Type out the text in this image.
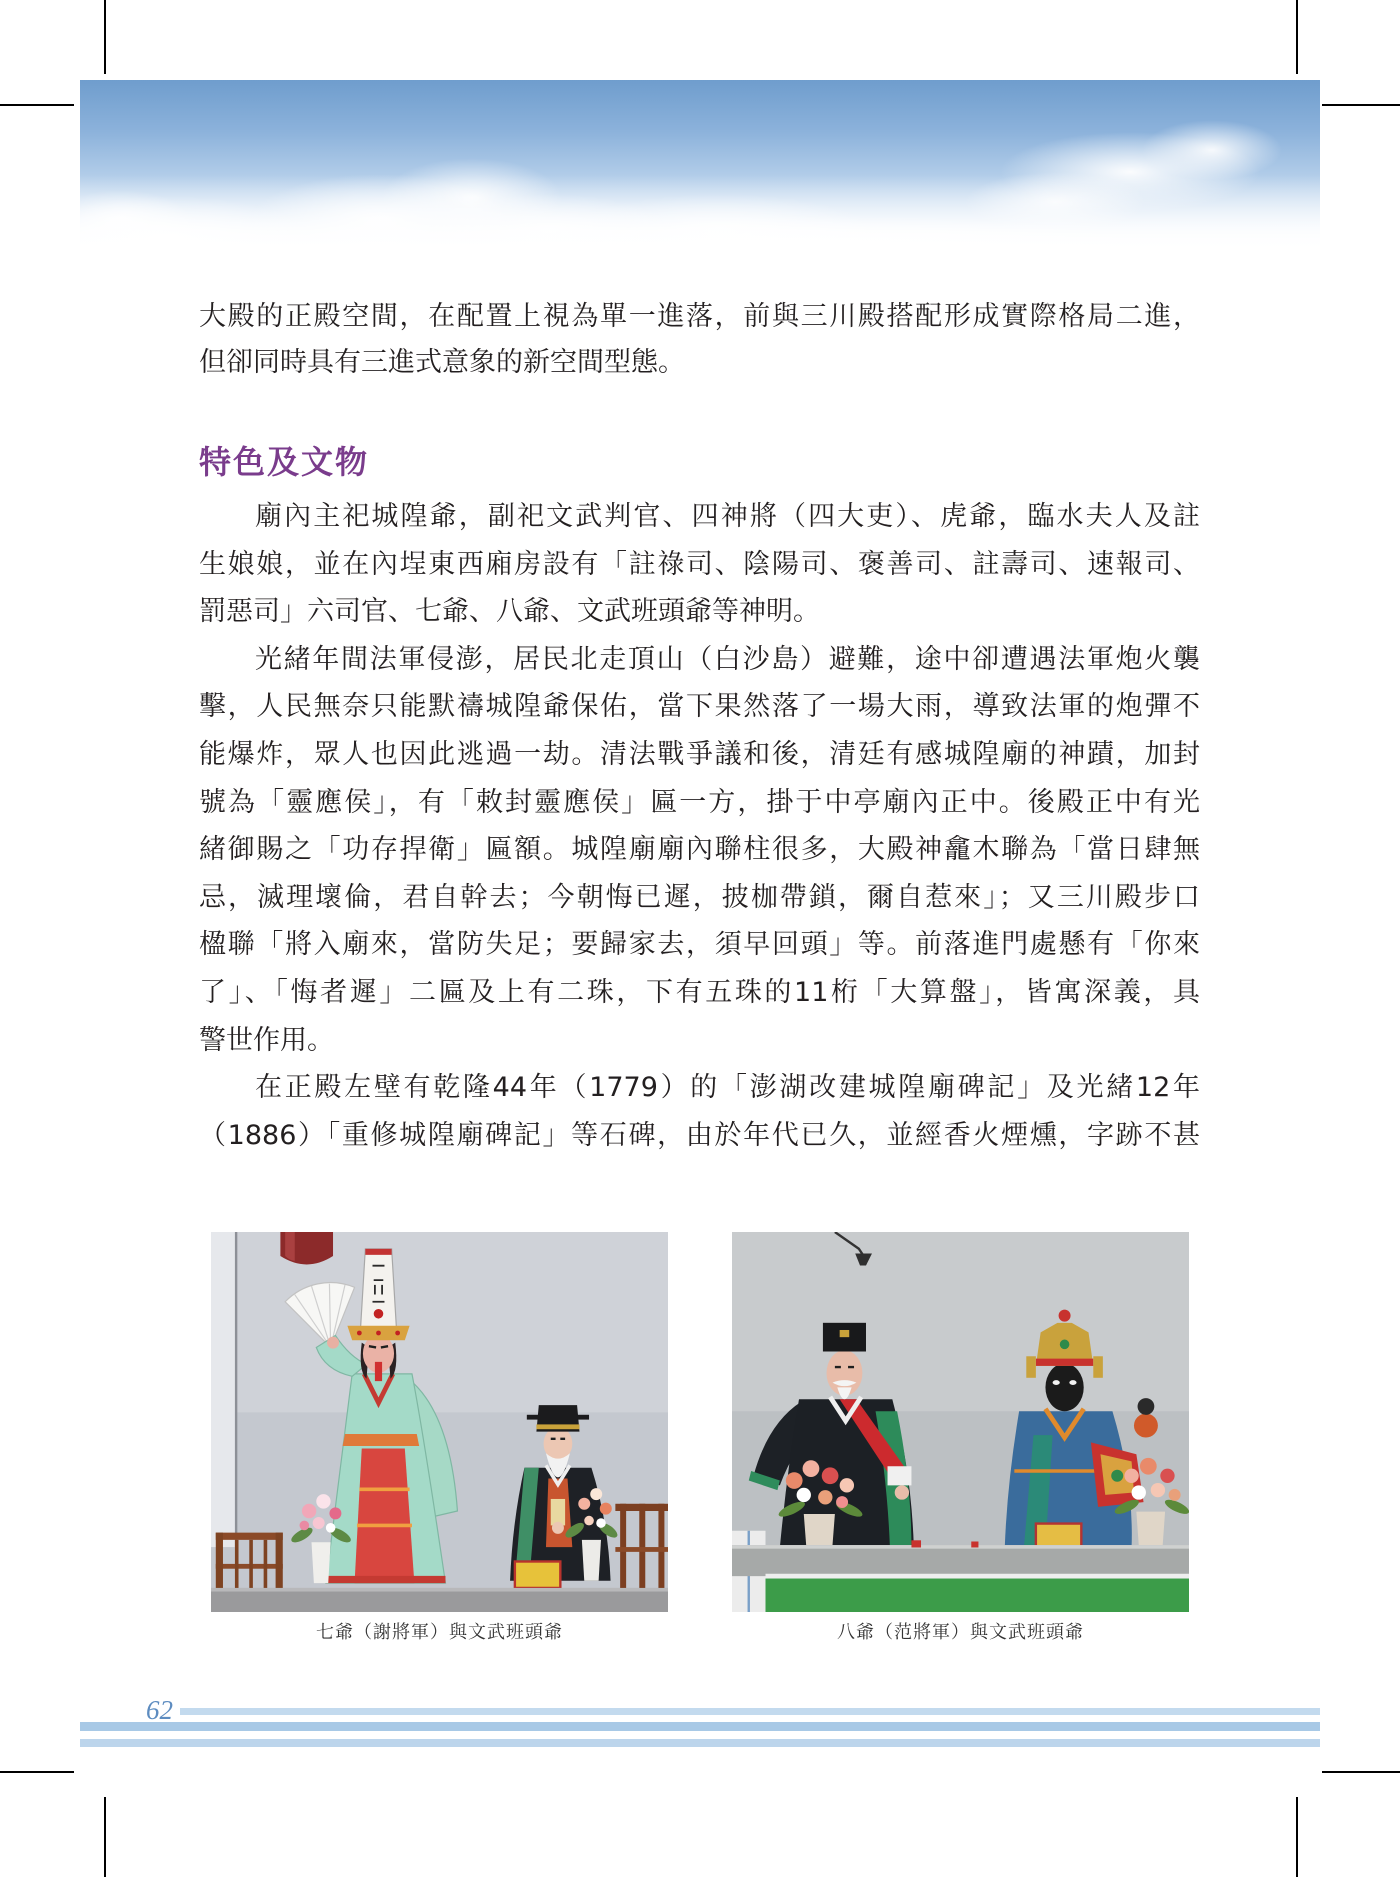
大殿的正殿空間，在配置上視為單一進落，前與三川殿搭配形成實際格局二進，
但卻同時具有三進式意象的新空間型態。
特色及文物
廟內主祀城隍爺，副祀文武判官、四神將（四大吏）、虎爺，臨水夫人及註
生娘娘，並在內埕東西廂房設有「註祿司、陰陽司、褒善司、註壽司、速報司、
罰惡司」六司官、七爺、八爺、文武班頭爺等神明。
光緒年間法軍侵澎，居民北走頂山（白沙島）避難，途中卻遭遇法軍炮火襲
擊，人民無奈只能默禱城隍爺保佑，當下果然落了一場大雨，導致法軍的炮彈不
能爆炸，眾人也因此逃過一劫。清法戰爭議和後，清廷有感城隍廟的神蹟，加封
號為「靈應侯」，有「敕封靈應侯」匾一方，掛于中亭廟內正中。後殿正中有光
緒御賜之「功存捍衛」匾額。城隍廟廟內聯柱很多，大殿神龕木聯為「當日肆無
忌，滅理壞倫，君自幹去；今朝悔已遲，披枷帶鎖，爾自惹來」；又三川殿步口
楹聯「將入廟來，當防失足；要歸家去，須早回頭」等。前落進門處懸有「你來
了」、「悔者遲」二匾及上有二珠，下有五珠的11桁「大算盤」，皆寓深義，具
警世作用。
在正殿左壁有乾隆44年（1779）的「澎湖改建城隍廟碑記」及光緒12年
（1886）「重修城隍廟碑記」等石碑，由於年代已久，並經香火煙燻，字跡不甚
七爺（謝將軍）與文武班頭爺	八爺（范將軍）與文武班頭爺
62
